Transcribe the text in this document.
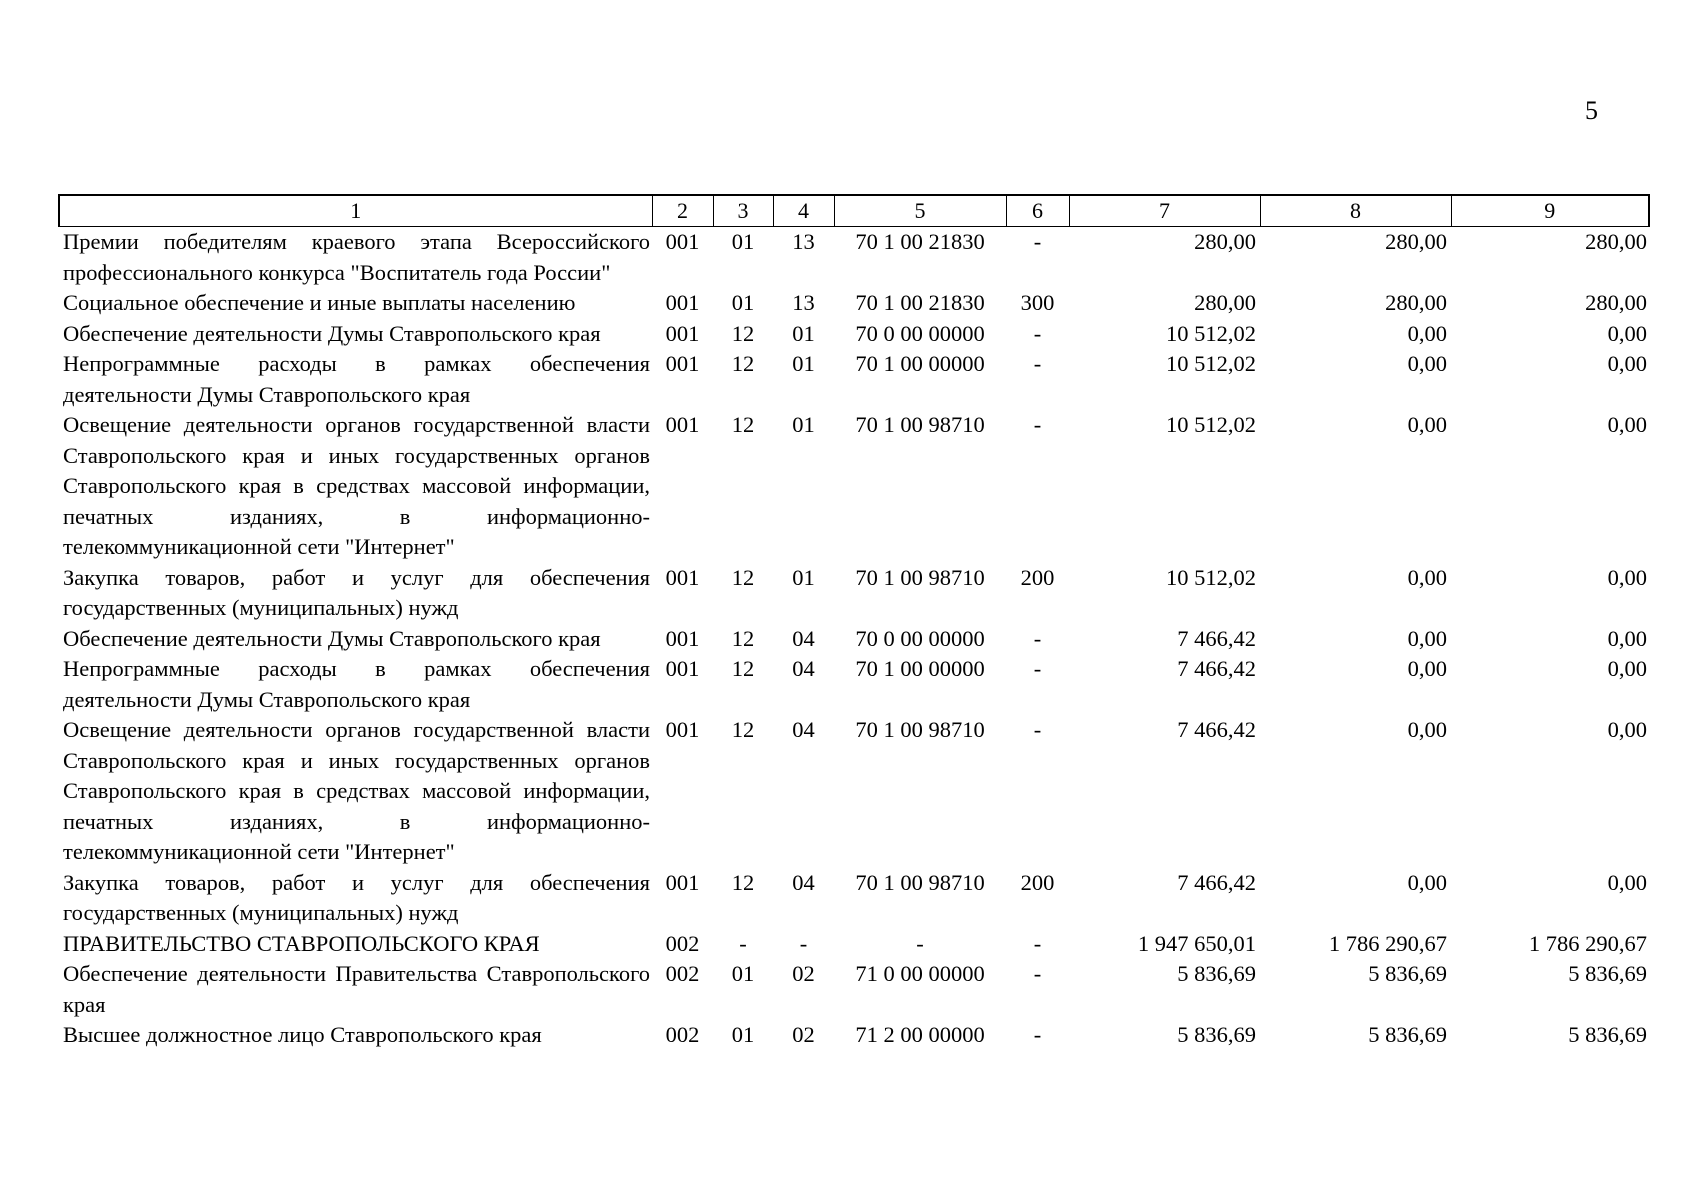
5
1	2	3	4	5	6	7	8	9
Премии победителям краевого этапа Всероссийского профессионального конкурса "Воспитатель года России"	001	01	13	70 1 00 21830	-	280,00	280,00	280,00
Социальное обеспечение и иные выплаты населению	001	01	13	70 1 00 21830	300	280,00	280,00	280,00
Обеспечение деятельности Думы Ставропольского края	001	12	01	70 0 00 00000	-	10 512,02	0,00	0,00
Непрограммные расходы в рамках обеспечения деятельности Думы Ставропольского края	001	12	01	70 1 00 00000	-	10 512,02	0,00	0,00
Освещение деятельности органов государственной власти Ставропольского края и иных государственных органов Ставропольского края в средствах массовой информации, печатных изданиях, в информационно-телекоммуникационной сети "Интернет"	001	12	01	70 1 00 98710	-	10 512,02	0,00	0,00
Закупка товаров, работ и услуг для обеспечения государственных (муниципальных) нужд	001	12	01	70 1 00 98710	200	10 512,02	0,00	0,00
Обеспечение деятельности Думы Ставропольского края	001	12	04	70 0 00 00000	-	7 466,42	0,00	0,00
Непрограммные расходы в рамках обеспечения деятельности Думы Ставропольского края	001	12	04	70 1 00 00000	-	7 466,42	0,00	0,00
Освещение деятельности органов государственной власти Ставропольского края и иных государственных органов Ставропольского края в средствах массовой информации, печатных изданиях, в информационно-телекоммуникационной сети "Интернет"	001	12	04	70 1 00 98710	-	7 466,42	0,00	0,00
Закупка товаров, работ и услуг для обеспечения государственных (муниципальных) нужд	001	12	04	70 1 00 98710	200	7 466,42	0,00	0,00
ПРАВИТЕЛЬСТВО СТАВРОПОЛЬСКОГО КРАЯ	002	-	-	-	-	1 947 650,01	1 786 290,67	1 786 290,67
Обеспечение деятельности Правительства Ставропольского края	002	01	02	71 0 00 00000	-	5 836,69	5 836,69	5 836,69
Высшее должностное лицо Ставропольского края	002	01	02	71 2 00 00000	-	5 836,69	5 836,69	5 836,69
